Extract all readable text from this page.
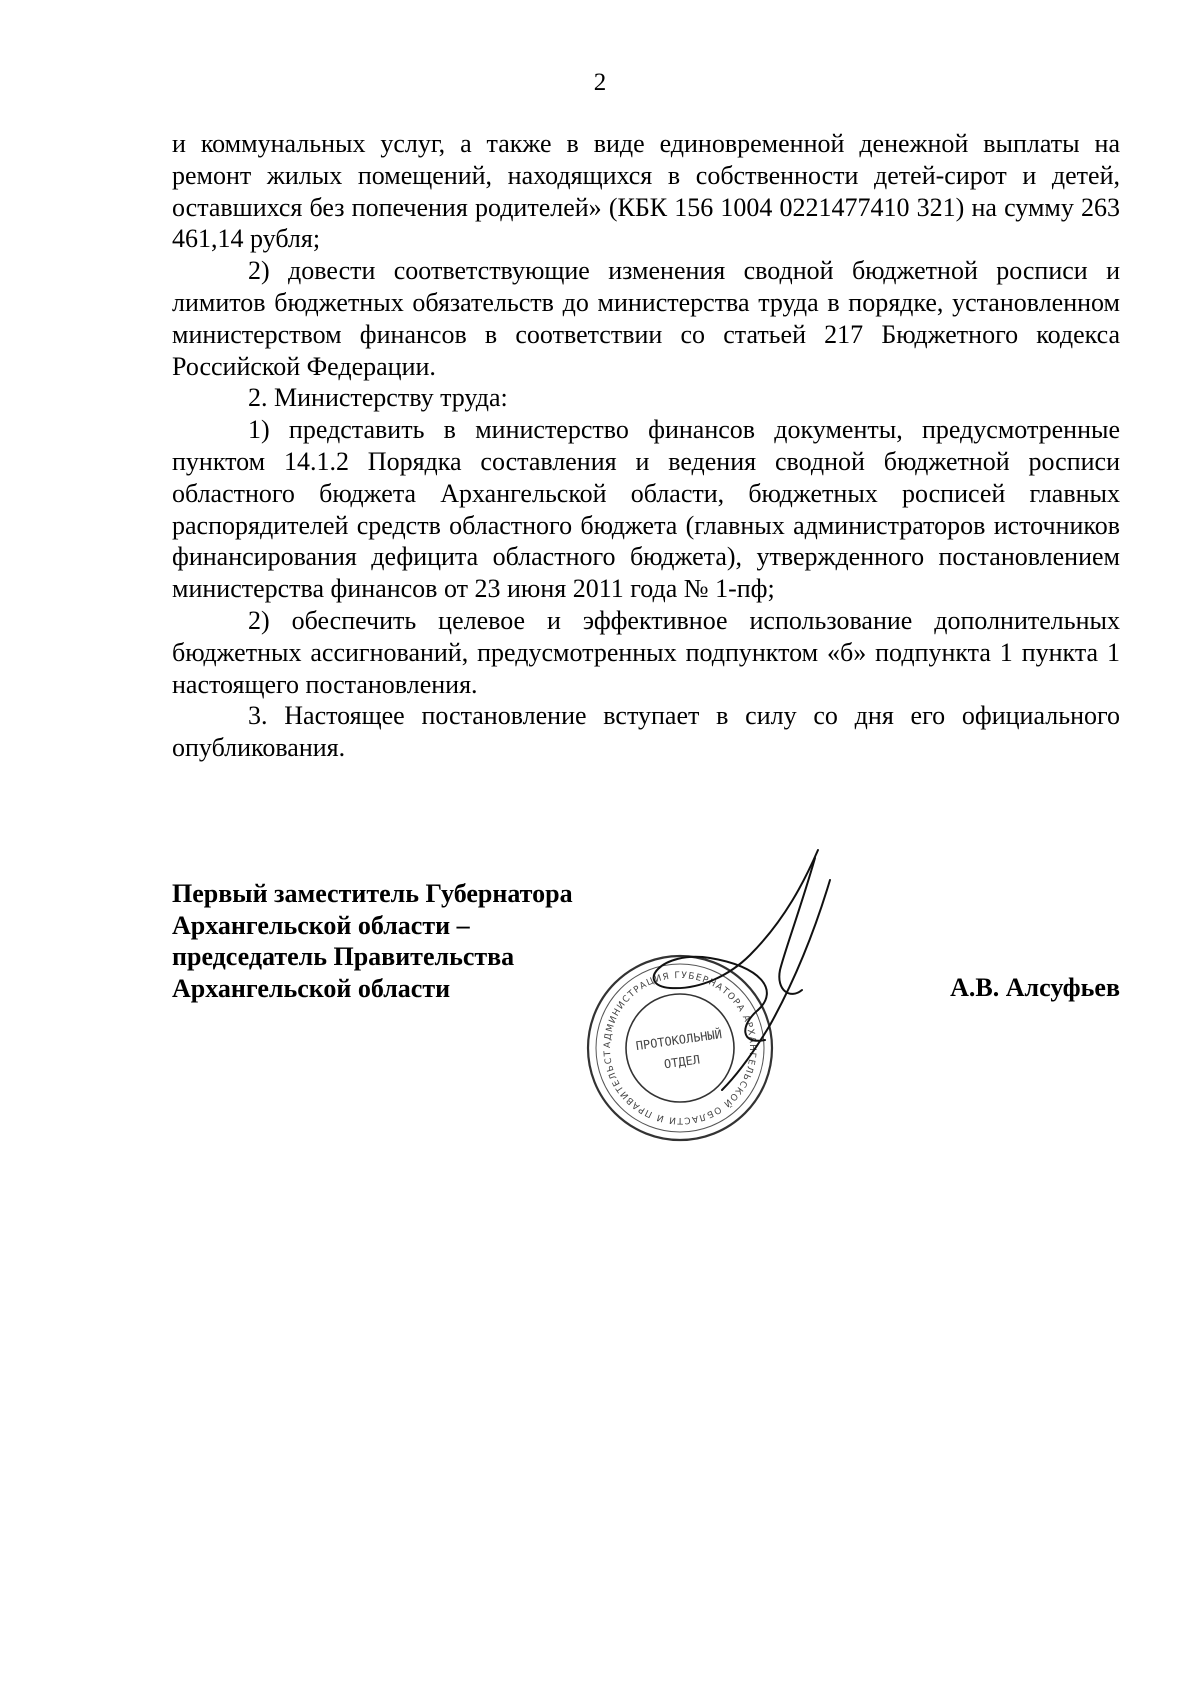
2

и коммунальных услуг, а также в виде единовременной денежной выплаты на ремонт жилых помещений, находящихся в собственности детей-сирот и детей, оставшихся без попечения родителей» (КБК 156 1004 0221477410 321) на сумму 263 461,14 рубля;

2) довести соответствующие изменения сводной бюджетной росписи и лимитов бюджетных обязательств до министерства труда в порядке, установленном министерством финансов в соответствии со статьей 217 Бюджетного кодекса Российской Федерации.

2. Министерству труда:

1) представить в министерство финансов документы, предусмотренные пунктом 14.1.2 Порядка составления и ведения сводной бюджетной росписи областного бюджета Архангельской области, бюджетных росписей главных распорядителей средств областного бюджета (главных администраторов источников финансирования дефицита областного бюджета), утвержденного постановлением министерства финансов от 23 июня 2011 года № 1-пф;

2) обеспечить целевое и эффективное использование дополнительных бюджетных ассигнований, предусмотренных подпунктом «б» подпункта 1 пункта 1 настоящего постановления.

3. Настоящее постановление вступает в силу со дня его официального опубликования.

Первый заместитель Губернатора
Архангельской области –
председатель Правительства
Архангельской области	А.В. Алсуфьев
АДМИНИСТРАЦИЯ ГУБЕРНАТОРА АРХАНГЕЛЬСКОЙ ОБЛАСТИ И ПРАВИТЕЛЬСТВА АРХАНГЕЛЬСКОЙ ОБЛАСТИ
ПРОТОКОЛЬНЫЙ
ОТДЕЛ
